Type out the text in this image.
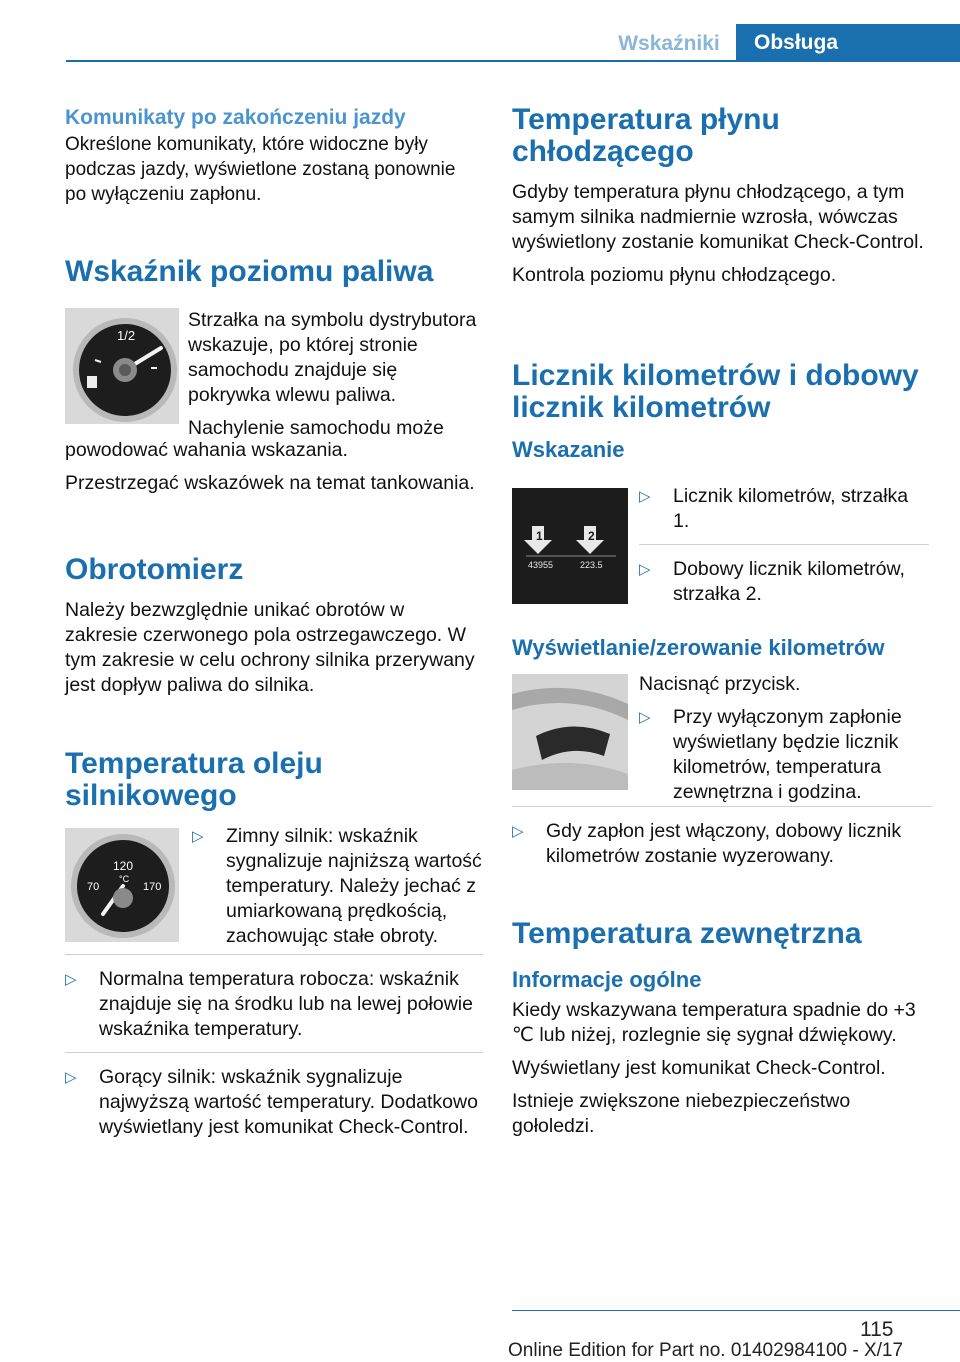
Wskaźniki	Obsługa
Komunikaty po zakończeniu jazdy

Określone komunikaty, które widoczne były podczas jazdy, wyświetlone zostaną ponownie po wyłączeniu zapłonu.

Wskaźnik poziomu paliwa
1/2

Strzałka na symbolu dystrybutora wskazuje, po której stronie samochodu znajduje się pokrywka wlewu paliwa.

Nachylenie samochodu może

powodować wahania wskazania.

Przestrzegać wskazówek na temat tankowania.

Obrotomierz

Należy bezwzględnie unikać obrotów w zakresie czerwonego pola ostrzegawczego. W tym zakresie w celu ochrony silnika przerywany jest dopływ paliwa do silnika.

Temperatura oleju silnikowego
120
°C
70	170
▷ Zimny silnik: wskaźnik sygnalizuje najniższą wartość temperatury. Należy jechać z umiarkowaną prędkością, zachowując stałe obroty.
▷ Normalna temperatura robocza: wskaźnik znajduje się na środku lub na lewej połowie wskaźnika temperatury.
▷ Gorący silnik: wskaźnik sygnalizuje najwyższą wartość temperatury. Dodatkowo wyświetlany jest komunikat Check-Control.
Temperatura płynu chłodzącego

Gdyby temperatura płynu chłodzącego, a tym samym silnika nadmiernie wzrosła, wówczas wyświetlony zostanie komunikat Check-Control.

Kontrola poziomu płynu chłodzącego.

Licznik kilometrów i dobowy licznik kilometrów
Wskazanie
1	2
43955	223.5
▷ Licznik kilometrów, strzałka 1.
▷ Dobowy licznik kilometrów, strzałka 2.
Wyświetlanie/zerowanie kilometrów

Nacisnąć przycisk.

▷ Przy wyłączonym zapłonie wyświetlany będzie licznik kilometrów, temperatura zewnętrzna i godzina.
▷ Gdy zapłon jest włączony, dobowy licznik kilometrów zostanie wyzerowany.
Temperatura zewnętrzna
Informacje ogólne

Kiedy wskazywana temperatura spadnie do +3 ℃ lub niżej, rozlegnie się sygnał dźwiękowy.

Wyświetlany jest komunikat Check-Control.

Istnieje zwiększone niebezpieczeństwo gołoledzi.

115
Online Edition for Part no. 01402984100 - X/17
